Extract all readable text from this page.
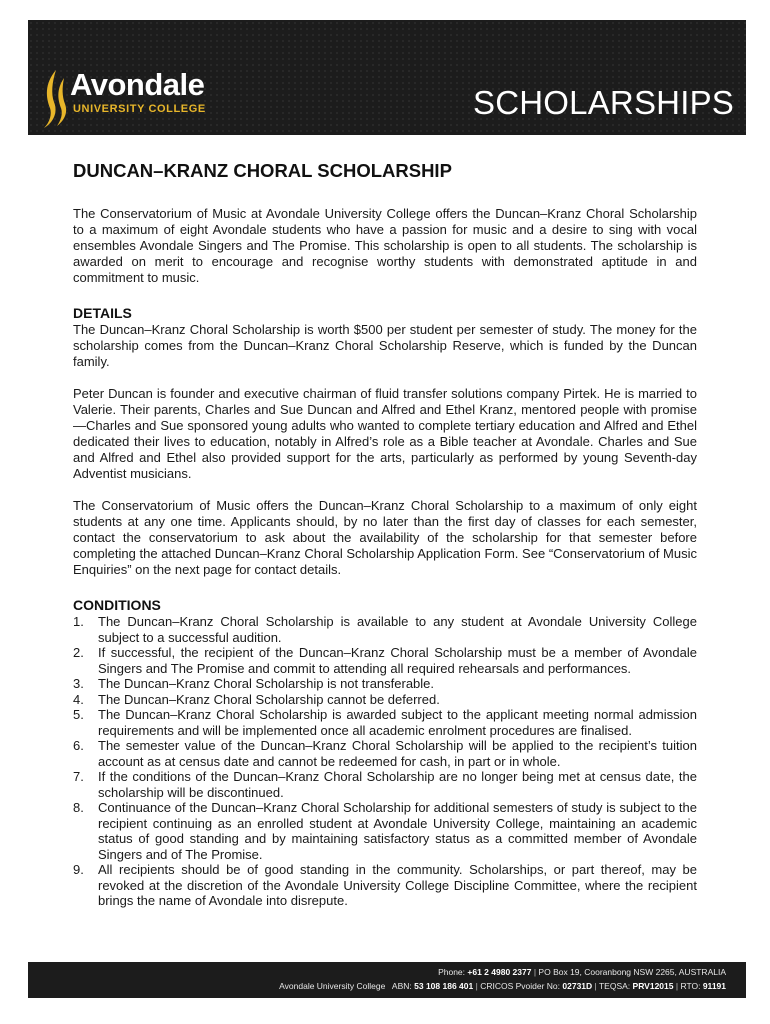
Avondale
UNIVERSITY COLLEGE	SCHOLARSHIPS
DUNCAN–KRANZ CHORAL SCHOLARSHIP

The Conservatorium of Music at Avondale University College offers the Duncan–Kranz Choral Scholarship to a maximum of eight Avondale students who have a passion for music and a desire to sing with vocal ensembles Avondale Singers and The Promise. This scholarship is open to all students. The scholarship is awarded on merit to encourage and recognise worthy students with demonstrated aptitude in and commitment to music.

DETAILS

The Duncan–Kranz Choral Scholarship is worth $500 per student per semester of study. The money for the scholarship comes from the Duncan–Kranz Choral Scholarship Reserve, which is funded by the Duncan family.

Peter Duncan is founder and executive chairman of fluid transfer solutions company Pirtek. He is married to Valerie. Their parents, Charles and Sue Duncan and Alfred and Ethel Kranz, mentored people with promise—Charles and Sue sponsored young adults who wanted to complete tertiary education and Alfred and Ethel dedicated their lives to education, notably in Alfred’s role as a Bible teacher at Avondale. Charles and Sue and Alfred and Ethel also provided support for the arts, particularly as performed by young Seventh-day Adventist musicians.

The Conservatorium of Music offers the Duncan–Kranz Choral Scholarship to a maximum of only eight students at any one time. Applicants should, by no later than the first day of classes for each semester, contact the conservatorium to ask about the availability of the scholarship for that semester before completing the attached Duncan–Kranz Choral Scholarship Application Form. See “Conservatorium of Music Enquiries” on the next page for contact details.

CONDITIONS
1. The Duncan–Kranz Choral Scholarship is available to any student at Avondale University College subject to a successful audition.
2. If successful, the recipient of the Duncan–Kranz Choral Scholarship must be a member of Avondale Singers and The Promise and commit to attending all required rehearsals and performances.
3. The Duncan–Kranz Choral Scholarship is not transferable.
4. The Duncan–Kranz Choral Scholarship cannot be deferred.
5. The Duncan–Kranz Choral Scholarship is awarded subject to the applicant meeting normal admission requirements and will be implemented once all academic enrolment procedures are finalised.
6. The semester value of the Duncan–Kranz Choral Scholarship will be applied to the recipient’s tuition account as at census date and cannot be redeemed for cash, in part or in whole.
7. If the conditions of the Duncan–Kranz Choral Scholarship are no longer being met at census date, the scholarship will be discontinued.
8. Continuance of the Duncan–Kranz Choral Scholarship for additional semesters of study is subject to the recipient continuing as an enrolled student at Avondale University College, maintaining an academic status of good standing and by maintaining satisfactory status as a committed member of Avondale Singers and of The Promise.
9. All recipients should be of good standing in the community. Scholarships, or part thereof, may be revoked at the discretion of the Avondale University College Discipline Committee, where the recipient brings the name of Avondale into disrepute.
Phone: +61 2 4980 2377 | PO Box 19, Cooranbong NSW 2265, AUSTRALIA
Avondale University College ABN: 53 108 186 401 | CRICOS Pvoider No: 02731D | TEQSA: PRV12015 | RTO: 91191
